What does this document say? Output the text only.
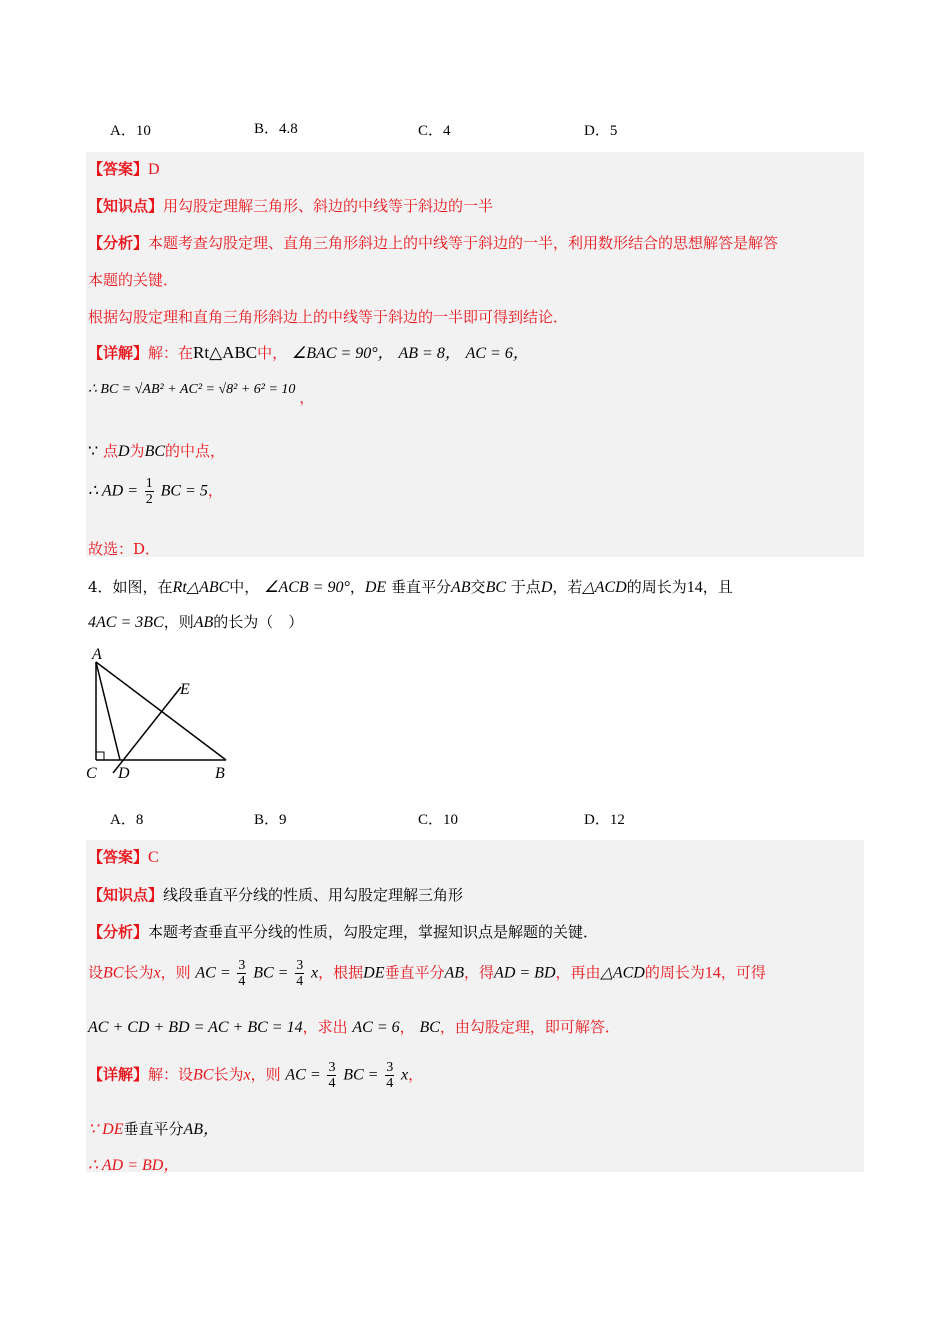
A．10	B．4.8	C．4	D．5
【答案】D
【知识点】用勾股定理解三角形、斜边的中线等于斜边的一半
【分析】本题考查勾股定理、直角三角形斜边上的中线等于斜边的一半，利用数形结合的思想解答是解答
本题的关键．
根据勾股定理和直角三角形斜边上的中线等于斜边的一半即可得到结论．
【详解】解：在Rt△ABC中， ∠BAC = 90°， AB = 8， AC = 6，
∴ BC = √AB² + AC² = √8² + 6² = 10，
∵ 点D为BC的中点，
∴ AD = $\frac{1}{2}$ BC = 5，
故选：D．
4．如图，在Rt△ABC中， ∠ACB = 90°，DE 垂直平分AB交BC 于点D，若△ACD的周长为14，且
4AC = 3BC，则AB的长为（　）
A
E
C D	B
A．8	B．9	C．10	D．12
【答案】C
【知识点】线段垂直平分线的性质、用勾股定理解三角形
【分析】本题考查垂直平分线的性质，勾股定理，掌握知识点是解题的关键．
设BC长为x，则 AC = $\frac{3}{4}$ BC = $\frac{3}{4}$ x，根据DE垂直平分AB，得AD = BD，再由△ACD的周长为14，可得
AC + CD + BD = AC + BC = 14，求出 AC = 6， BC，由勾股定理，即可解答．
【详解】解：设BC长为x，则 AC = $\frac{3}{4}$ BC = $\frac{3}{4}$ x，
∵ DE垂直平分AB，
∴ AD = BD，
